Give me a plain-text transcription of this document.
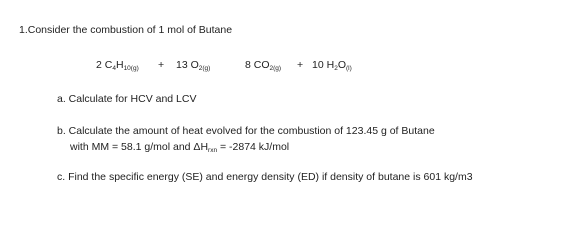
1.Consider the combustion of 1 mol of Butane
2 $C_4H_{10(g)} + 13$ $O_{2(g)}$	8 $CO_{2(g)} + 10$ $H_2O_{(l)}$
a. Calculate for HCV and LCV
b. Calculate the amount of heat evolved for the combustion of 123.45 g of Butane
with MM = 58.1 g/mol and $\Delta H_{rxn} = -2874$ kJ/mol
c. Find the specific energy (SE) and energy density (ED) if density of butane is 601 kg/m3
